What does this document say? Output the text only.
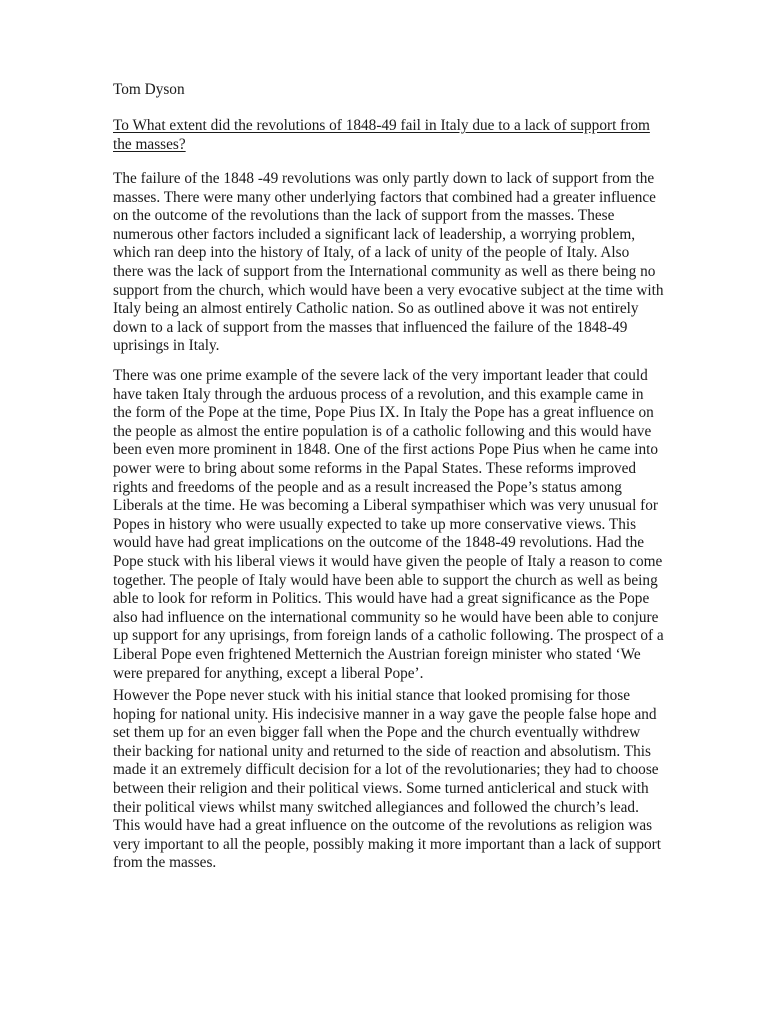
Tom Dyson
To What extent did the revolutions of 1848-49 fail in Italy due to a lack of support from
the masses?
The failure of the 1848 -49 revolutions was only partly down to lack of support from the
masses. There were many other underlying factors that combined had a greater influence
on the outcome of the revolutions than the lack of support from the masses. These
numerous other factors included a significant lack of leadership, a worrying problem,
which ran deep into the history of Italy, of a lack of unity of the people of Italy. Also
there was the lack of support from the International community as well as there being no
support from the church, which would have been a very evocative subject at the time with
Italy being an almost entirely Catholic nation. So as outlined above it was not entirely
down to a lack of support from the masses that influenced the failure of the 1848-49
uprisings in Italy.
There was one prime example of the severe lack of the very important leader that could
have taken Italy through the arduous process of a revolution, and this example came in
the form of the Pope at the time, Pope Pius IX. In Italy the Pope has a great influence on
the people as almost the entire population is of a catholic following and this would have
been even more prominent in 1848. One of the first actions Pope Pius when he came into
power were to bring about some reforms in the Papal States. These reforms improved
rights and freedoms of the people and as a result increased the Pope’s status among
Liberals at the time. He was becoming a Liberal sympathiser which was very unusual for
Popes in history who were usually expected to take up more conservative views. This
would have had great implications on the outcome of the 1848-49 revolutions. Had the
Pope stuck with his liberal views it would have given the people of Italy a reason to come
together. The people of Italy would have been able to support the church as well as being
able to look for reform in Politics. This would have had a great significance as the Pope
also had influence on the international community so he would have been able to conjure
up support for any uprisings, from foreign lands of a catholic following. The prospect of a
Liberal Pope even frightened Metternich the Austrian foreign minister who stated ‘We
were prepared for anything, except a liberal Pope’.
However the Pope never stuck with his initial stance that looked promising for those
hoping for national unity. His indecisive manner in a way gave the people false hope and
set them up for an even bigger fall when the Pope and the church eventually withdrew
their backing for national unity and returned to the side of reaction and absolutism. This
made it an extremely difficult decision for a lot of the revolutionaries; they had to choose
between their religion and their political views. Some turned anticlerical and stuck with
their political views whilst many switched allegiances and followed the church’s lead.
This would have had a great influence on the outcome of the revolutions as religion was
very important to all the people, possibly making it more important than a lack of support
from the masses.
